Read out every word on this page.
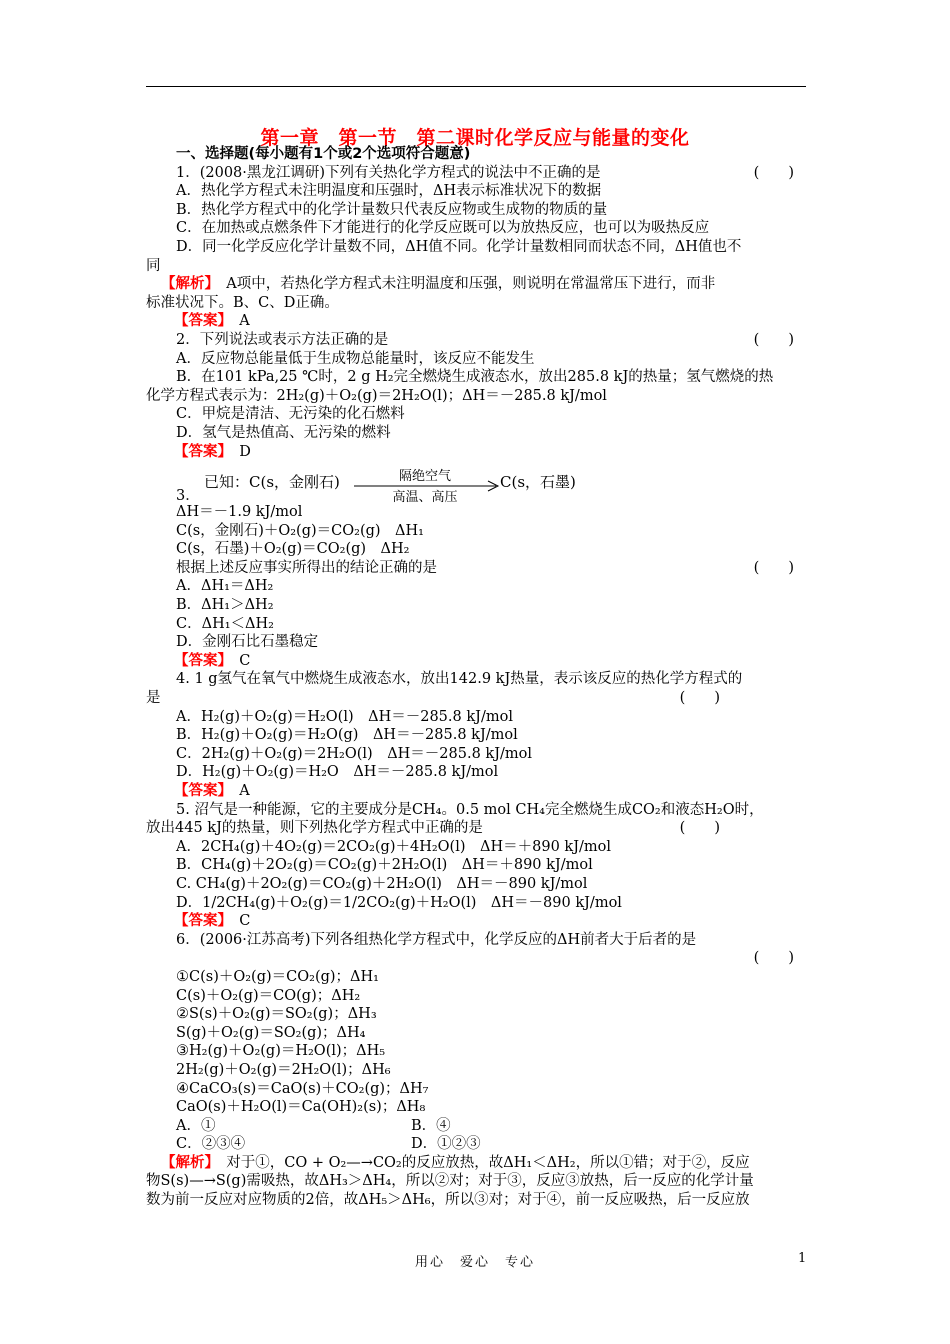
第一章　第一节　第二课时化学反应与能量的变化
一、选择题(每小题有1个或2个选项符合题意)
1．(2008·黑龙江调研)下列有关热化学方程式的说法中不正确的是	(　　)
A．热化学方程式未注明温度和压强时，ΔH表示标准状况下的数据
B．热化学方程式中的化学计量数只代表反应物或生成物的物质的量
C．在加热或点燃条件下才能进行的化学反应既可以为放热反应，也可以为吸热反应
D．同一化学反应化学计量数不同，ΔH值不同。化学计量数相同而状态不同，ΔH值也不
同
【解析】　A项中，若热化学方程式未注明温度和压强，则说明在常温常压下进行，而非
标准状况下。B、C、D正确。
【答案】　A
2．下列说法或表示方法正确的是	(　　)
A．反应物总能量低于生成物总能量时，该反应不能发生
B．在101 kPa,25 ℃时，2 g H₂完全燃烧生成液态水，放出285.8 kJ的热量；氢气燃烧的热
化学方程式表示为：2H₂(g)＋O₂(g)＝2H₂O(l)；ΔH＝－285.8 kJ/mol
C．甲烷是清洁、无污染的化石燃料
D．氢气是热值高、无污染的燃料
【答案】　D

已知：C(s，金刚石)	隔绝空气
高温、高压
C(s，石墨)

3．

ΔH＝－1.9 kJ/mol
C(s，金刚石)＋O₂(g)＝CO₂(g)　ΔH₁
C(s，石墨)＋O₂(g)＝CO₂(g)　ΔH₂
根据上述反应事实所得出的结论正确的是	(　　)
A．ΔH₁＝ΔH₂
B．ΔH₁＞ΔH₂
C．ΔH₁＜ΔH₂
D．金刚石比石墨稳定
【答案】　C
4. 1 g氢气在氧气中燃烧生成液态水，放出142.9 kJ热量，表示该反应的热化学方程式的
是	(　　)
A．H₂(g)＋O₂(g)＝H₂O(l)　ΔH＝－285.8 kJ/mol
B．H₂(g)＋O₂(g)＝H₂O(g)　ΔH＝－285.8 kJ/mol
C．2H₂(g)＋O₂(g)＝2H₂O(l)　ΔH＝－285.8 kJ/mol
D．H₂(g)＋O₂(g)＝H₂O　ΔH＝－285.8 kJ/mol
【答案】　A
5. 沼气是一种能源，它的主要成分是CH₄。0.5 mol CH₄完全燃烧生成CO₂和液态H₂O时，
放出445 kJ的热量，则下列热化学方程式中正确的是	(　　)
A．2CH₄(g)＋4O₂(g)＝2CO₂(g)＋4H₂O(l)　ΔH＝＋890 kJ/mol
B．CH₄(g)＋2O₂(g)＝CO₂(g)＋2H₂O(l)　ΔH＝＋890 kJ/mol
C. CH₄(g)＋2O₂(g)＝CO₂(g)＋2H₂O(l)　ΔH＝－890 kJ/mol
D．1/2CH₄(g)＋O₂(g)＝1/2CO₂(g)＋H₂O(l)　ΔH＝－890 kJ/mol
【答案】　C
6．(2006·江苏高考)下列各组热化学方程式中，化学反应的ΔH前者大于后者的是
(　　)
①C(s)＋O₂(g)＝CO₂(g)；ΔH₁
C(s)＋O₂(g)＝CO(g)；ΔH₂
②S(s)＋O₂(g)＝SO₂(g)；ΔH₃
S(g)＋O₂(g)＝SO₂(g)；ΔH₄
③H₂(g)＋O₂(g)＝H₂O(l)；ΔH₅
2H₂(g)＋O₂(g)＝2H₂O(l)；ΔH₆
④CaCO₃(s)＝CaO(s)＋CO₂(g)；ΔH₇
CaO(s)＋H₂O(l)＝Ca(OH)₂(s)；ΔH₈
A．①	B．④
C．②③④	D．①②③
【解析】　对于①，CO + O₂—→CO₂的反应放热，故ΔH₁＜ΔH₂，所以①错；对于②，反应
物S(s)—→S(g)需吸热，故ΔH₃＞ΔH₄，所以②对；对于③，反应③放热，后一反应的化学计量
数为前一反应对应物质的2倍，故ΔH₅＞ΔH₆，所以③对；对于④，前一反应吸热，后一反应放
用心　爱心　专心	1
